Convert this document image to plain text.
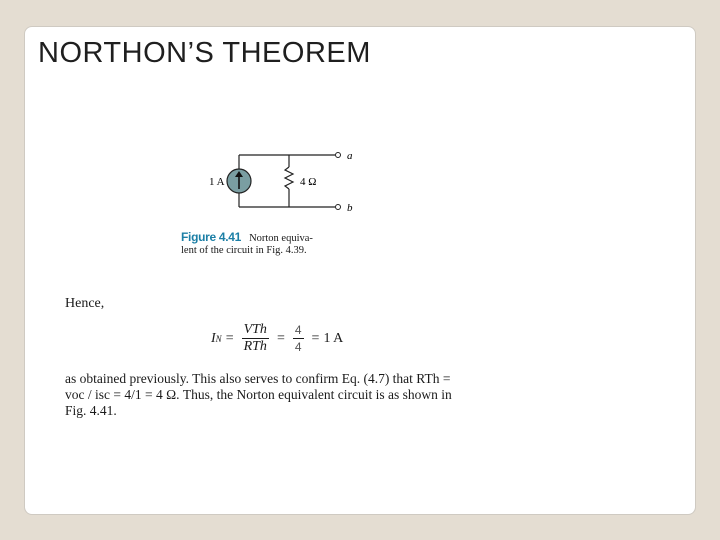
NORTHON’S THEOREM
1 A	4 Ω
a
b
Figure 4.41 Norton equiva-
lent of the circuit in Fig. 4.39.
Hence,
I $N = \frac{\text{VTh}}{\text{RTh}} = \frac{4}{4} = 1$ A
as obtained previously. This also serves to confirm Eq. (4.7) that RTh =
voc / isc = 4/1 = 4 Ω. Thus, the Norton equivalent circuit is as shown in
Fig. 4.41.
